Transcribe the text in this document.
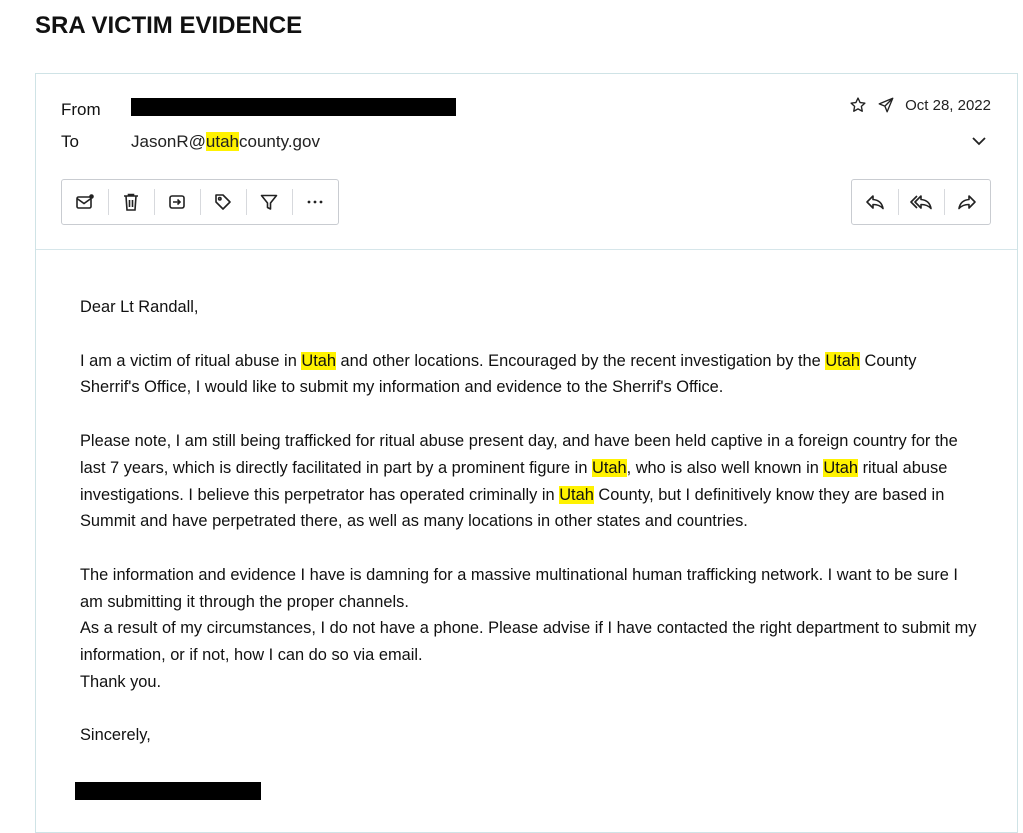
SRA VICTIM EVIDENCE
From
To	JasonR@utahcounty.gov
Oct 28, 2022

Dear Lt Randall,

I am a victim of ritual abuse in Utah and other locations. Encouraged by the recent investigation by the Utah County Sherrif's Office, I would like to submit my information and evidence to the Sherrif's Office.

Please note, I am still being trafficked for ritual abuse present day, and have been held captive in a foreign country for the last 7 years, which is directly facilitated in part by a prominent figure in Utah, who is also well known in Utah ritual abuse investigations. I believe this perpetrator has operated criminally in Utah County, but I definitively know they are based in Summit and have perpetrated there, as well as many locations in other states and countries.

The information and evidence I have is damning for a massive multinational human trafficking network. I want to be sure I am submitting it through the proper channels.

As a result of my circumstances, I do not have a phone. Please advise if I have contacted the right department to submit my information, or if not, how I can do so via email.

Thank you.

Sincerely,
